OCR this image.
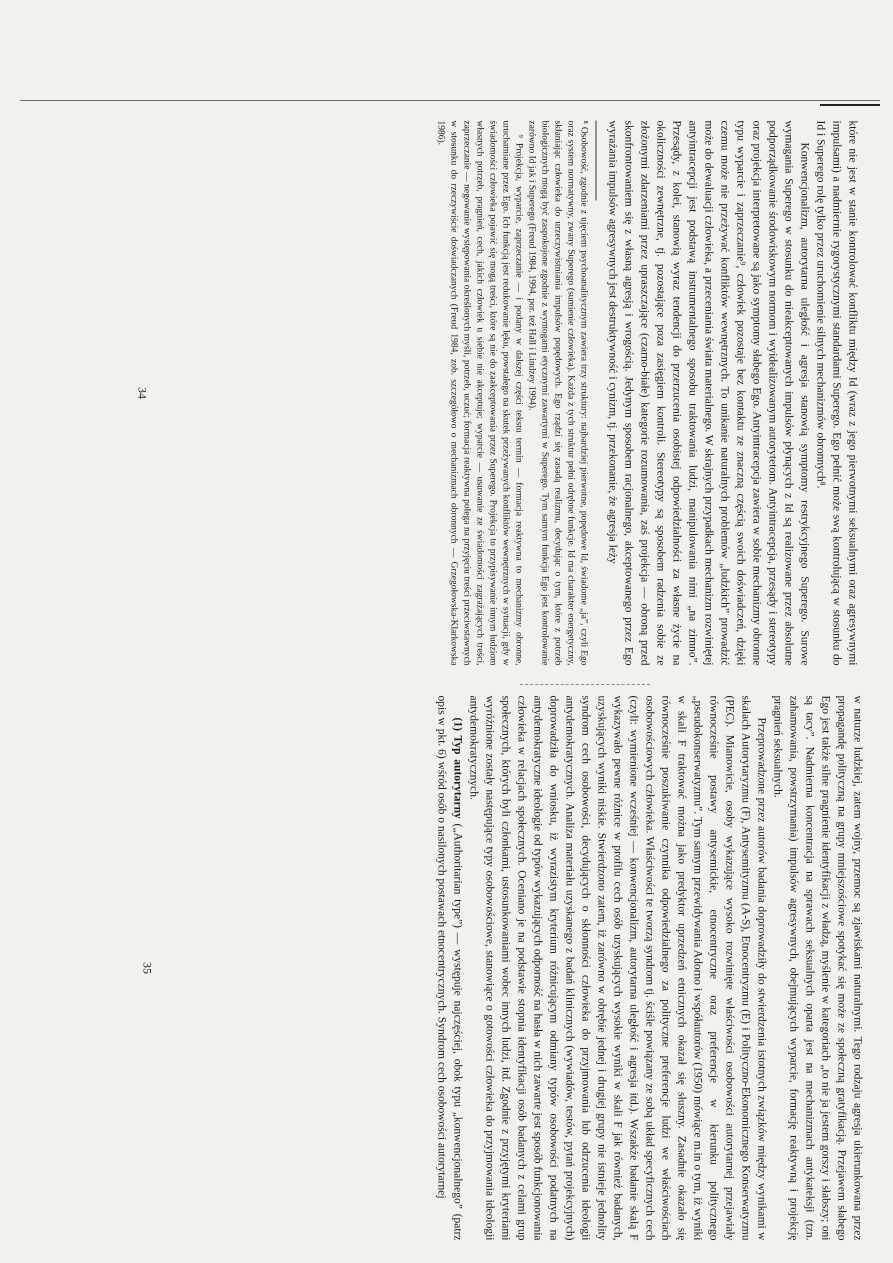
które nie jest w stanie kontrolować konfliktu między Id (wraz z jego pierwotnymi seksualnymi oraz agresywnymi impulsami) a nadmiernie rygorystycznymi standardami Superego. Ego pełnić może swą kontrolującą w stosunku do Id i Superego rolę tylko przez uruchomienie silnych mechanizmów obronnych⁸.

Konwencjonalizm, autorytarna uległość i agresja stanowią symptomy restrykcyjnego Superego. Surowe wymagania Superego w stosunku do nieakceptowanych impulsów płynących z Id są realizowane przez absolutne podporządkowanie środowiskowym normom i wyidealizowanym autorytetom. Antyintracepcja, przesądy i stereotypy oraz projekcja interpretowane są jako symptomy słabego Ego. Antyintracepcja zawiera w sobie mechanizmy obronne typu wyparcie i zaprzeczanie⁹, człowiek pozostaje bez kontaktu ze znaczną częścią swoich doświadczeń, dzięki czemu może nie przeżywać konfliktów wewnętrznych. To unikanie naturalnych problemów „ludzkich” prowadzić może do dewaluacji człowieka, a przeceniania świata materialnego. W skrajnych przypadkach mechanizm rozwiniętej antyintracepcji jest podstawą instrumentalnego sposobu traktowania ludzi, manipulowania nimi „na zimno”. Przesądy, z kolei, stanowią wyraz tendencji do przerzucenia osobistej odpowiedzialności za własne życie na okoliczności zewnętrzne, tj. pozostające poza zasięgiem kontroli. Stereotypy są sposobem radzenia sobie ze złożonymi zdarzeniami przez upraszczające (czarno-białe) kategorie rozumowania, zaś projekcja — obroną przed skonfrontowaniem się z własną agresją i wrogością. Jedynym sposobem racjonalnego, akceptowanego przez Ego wyrażania impulsów agresywnych jest destruktywność i cynizm, tj. przekonanie, że agresja leży

⁸ Osobowość, zgodnie z ujęciem psychoanalitycznym zawiera trzy struktury: najbardziej pierwotne, popędowe Id, świadome „ja”, czyli Ego oraz system normatywny, zwany Superego (sumienie człowieka). Każda z tych struktur pełni odrębne funkcje. Id ma charakter energetyczny, skłaniając człowieka do urzeczywistniania impulsów popędowych. Ego rządzi się zasadą realizmu, decydując o tym, które z potrzeb biologicznych mogą być zaspokojone zgodnie z wymogami etycznymi zawartymi w Superego. Tym samym funkcja Ego jest kontrolowanie zarówno Id jak i Superego (Freud 1984, 1994, por. też Hall i Lindzey 1994).

⁹ Projekcja, wyparcie, zaprzeczanie — i podany w dalszej części tekstu termin — formacja reaktywna to mechanizmy obronne, uruchamiane przez Ego. Ich funkcją jest redukowanie lęku, powstałego na skutek przeżywanych konfliktów wewnętrznych w sytuacji, gdy w świadomości człowieka pojawić się mogą treści, które są nie do zaakceptowania przez Superego. Projekcja to przypisywanie innym ludziom własnych potrzeb, pragnień, cech, jakich człowiek u siebie nie akceptuje; wyparcie — usuwanie ze świadomości zagrażających treści, zaprzeczanie — negowanie występowania określonych myśli, potrzeb, uczuć; formacja reaktywna polega na przyjęciu treści przeciwstawnych w stosunku do rzeczywiście doświadczanych (Freud 1984, zob. szczegółowo o mechanizmach obronnych — Grzegołowska-Klarkowska 1986).

34

w naturze ludzkiej, zatem wojny, przemoc są zjawiskami naturalnymi. Tego rodzaju agresja ukierunkowana przez propagandę polityczną na grupy mniejszościowe spotykać się może ze społeczną gratyfikacją. Przejawem słabego Ego jest także silne pragnienie identyfikacji z władzą, myślenie w kategoriach „to nie ja jestem gorszy i słabszy; oni są tacy”. Nadmierna koncentracja na sprawach seksualnych oparta jest na mechanizmach antykateksji (tzn. zahamowania, powstrzymania) impulsów agresywnych, obejmujących wyparcie, formację reaktywną i projekcję pragnień seksualnych.

Przeprowadzone przez autorów badania doprowadziły do stwierdzenia istotnych związków między wynikami w skalach Autorytaryzmu (F), Antysemityzmu (A-S), Etnocentryzmu (E) i Polityczno-Ekonomicznego Konserwatyzmu (PEC). Mianowicie, osoby wykazujące wysoko rozwinięte właściwości osobowości autorytarnej przejawiały równocześnie postawy antysemickie, etnocentryczne oraz preferencje w kierunku politycznego „pseudokonserwatyzmu”. Tym samym przewidywania Adorno i współautorów (1950) mówiące m.in o tym, iż wyniki w skali F traktować można jako predyktor uprzedzeń etnicznych okazał się słuszny. Zasadnie okazało się równocześnie poszukiwanie czynnika odpowiedzialnego za polityczne preferencje ludzi we właściwościach osobowościowych człowieka. Właściwości te tworzą syndrom tj. ściśle powiązany ze sobą układ specyficznych cech (czyli: wymienione wcześniej — konwencjonalizm, autorytarna uległość i agresja itd.). Wszakże badanie skalą F wykazywało pewne różnice w profilu cech osób uzyskujących wysokie wyniki w skali F jak również badanych, uzyskujących wyniki niskie. Stwierdzono zatem, iż zarówno w obrębie jednej i drugiej grupy nie istnieje jednolity syndrom cech osobowości, decydujących o skłonności człowieka do przyjmowania lub odrzucenia ideologii antydemokratycznych. Analiza materiału uzyskanego z badań klinicznych (wywiadów, testów, pytań projekcyjnych) doprowadziła do wniosku, iż wyrazistym kryterium różnicującym odmiany typów osobowości podatnych na antydemokratyczne ideologie od typów wykazujących odporność na hasła w nich zawarte jest sposób funkcjonowania człowieka w relacjach społecznych. Oceniano je na podstawie stopnia identyfikacji osób badanych z celami grup społecznych, których byli członkami, ustosunkowaniami wobec innych ludzi, itd. Zgodnie z przyjętymi kryteriami wyróżnione zostały następujące typy osobowościowe, stanowiące o gotowości człowieka do przyjmowania ideologii antydemokratycznych.

(1) Typ autorytarny („Authoritarian type”) — występuje najczęściej, obok typu „konwencjonalnego” (patrz opis w pkt. 6) wśród osób o nasilonych postawach etnocentrycznych. Syndrom cech osobowości autorytarnej

35
